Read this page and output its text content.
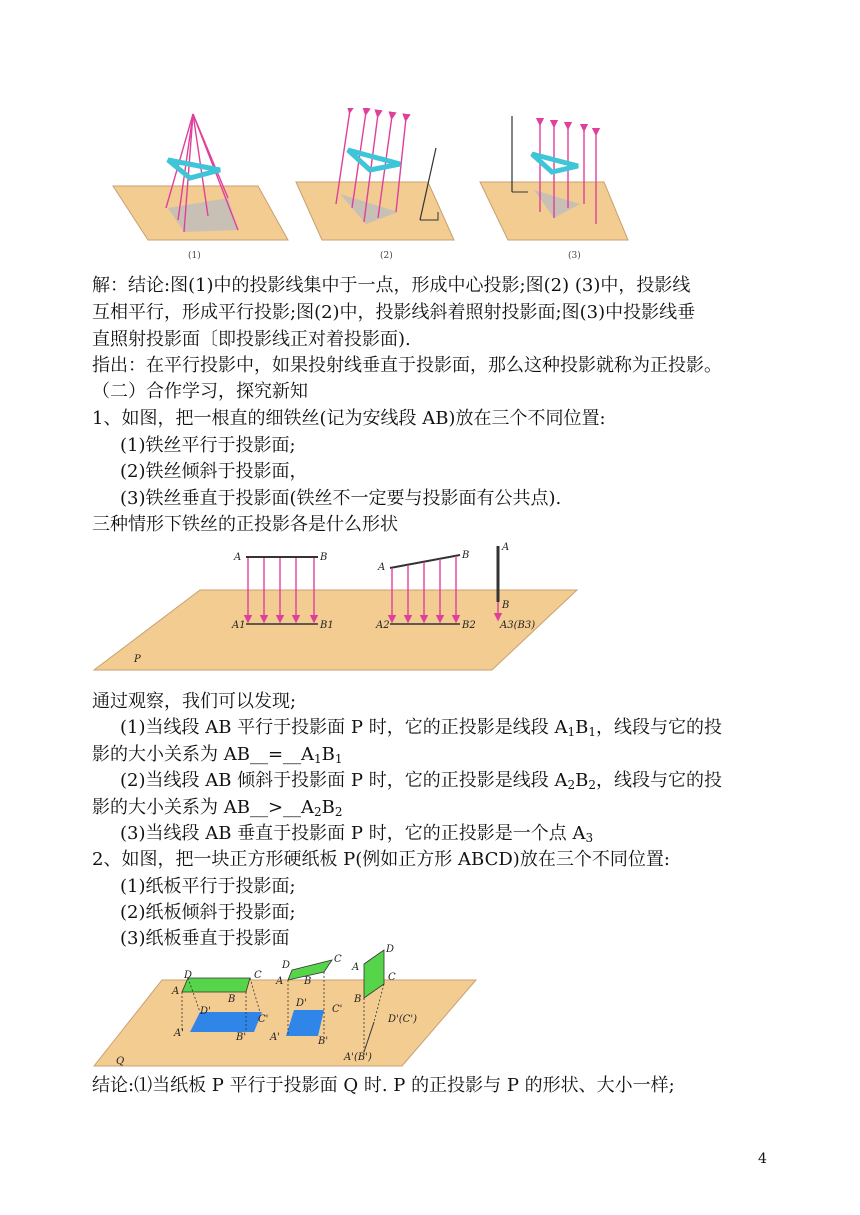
(1)	(2)	(3)
解：结论:图(1)中的投影线集中于一点，形成中心投影;图(2) (3)中，投影线
互相平行，形成平行投影;图(2)中，投影线斜着照射投影面;图(3)中投影线垂
直照射投影面〔即投影线正对着投影面).
指出：在平行投影中，如果投射线垂直于投影面，那么这种投影就称为正投影。
（二）合作学习，探究新知
1、如图，把一根直的细铁丝(记为安线段 AB)放在三个不同位置:
(1)铁丝平行于投影面;
(2)铁丝倾斜于投影面，
(3)铁丝垂直于投影面(铁丝不一定要与投影面有公共点).
三种情形下铁丝的正投影各是什么形状
A	B
A1	B1
A
B
A2	B2
A
B
A3(B3)
P
通过观察，我们可以发现;
(1)当线段 AB 平行于投影面 P 时，它的正投影是线段 $A_1B_1$，线段与它的投
影的大小关系为 $AB\_\_=\_\_A_1B_1$
(2)当线段 AB 倾斜于投影面 P 时，它的正投影是线段 $A_2B_2$，线段与它的投
影的大小关系为 $AB\_\_>\_\_A_2B_2$
(3)当线段 AB 垂直于投影面 P 时，它的正投影是一个点 $A_3$
2、如图，把一块正方形硬纸板 P(例如正方形 ABCD)放在三个不同位置:
(1)纸板平行于投影面;
(2)纸板倾斜于投影面;
(3)纸板垂直于投影面
D	C
A
B
D'
C'
A'	B'
D
C
A B
D'
C'
A'	B'
D
A
C
B
D'(C')
A'(B')
Q
结论:⑴当纸板 P 平行于投影面 Q 时. P 的正投影与 P 的形状、大小一样;
4
